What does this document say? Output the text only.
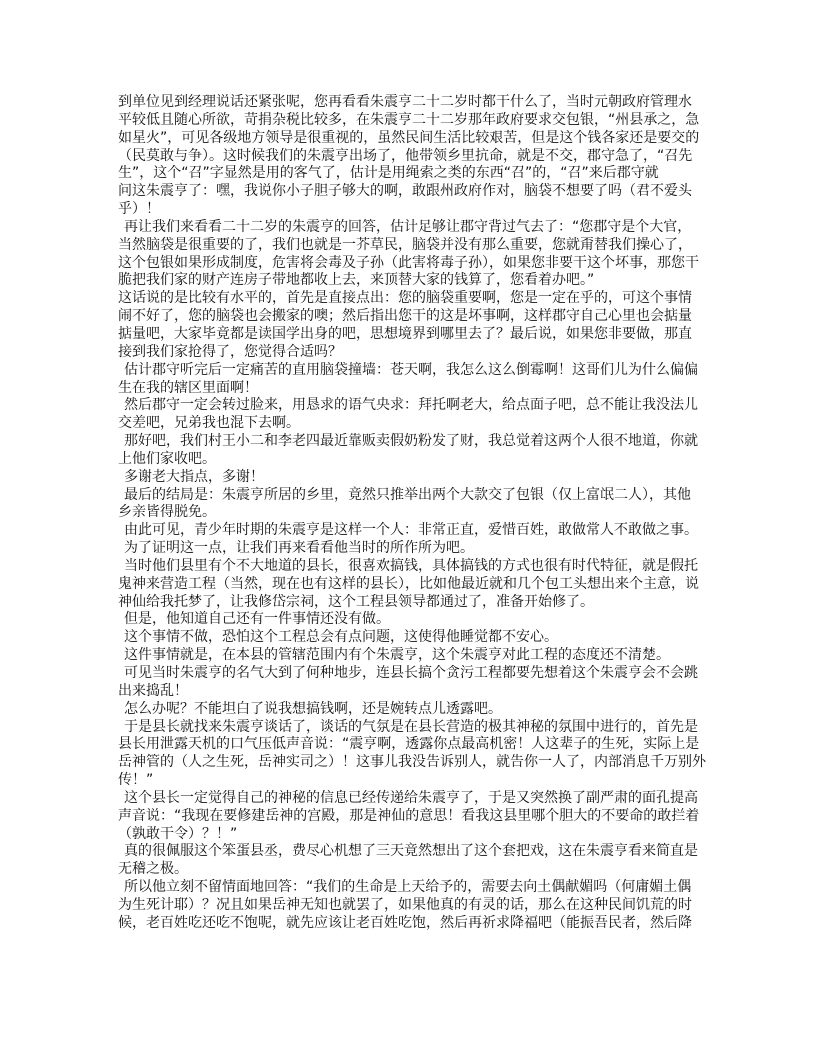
到单位见到经理说话还紧张呢，您再看看朱震亨二十二岁时都干什么了，当时元朝政府管理水
平较低且随心所欲，苛捐杂税比较多，在朱震亨二十二岁那年政府要求交包银，“州县承之，急
如星火”，可见各级地方领导是很重视的，虽然民间生活比较艰苦，但是这个钱各家还是要交的
（民莫敢与争）。这时候我们的朱震亨出场了，他带领乡里抗命，就是不交，郡守急了，“召先
生”，这个“召”字显然是用的客气了，估计是用绳索之类的东西“召”的，“召”来后郡守就
问这朱震亨了：嘿，我说你小子胆子够大的啊，敢跟州政府作对，脑袋不想要了吗（君不爱头
乎）！
再让我们来看看二十二岁的朱震亨的回答，估计足够让郡守背过气去了：“您郡守是个大官，
当然脑袋是很重要的了，我们也就是一芥草民，脑袋并没有那么重要，您就甭替我们操心了，
这个包银如果形成制度，危害将会毒及子孙（此害将毒子孙），如果您非要干这个坏事，那您干
脆把我们家的财产连房子带地都收上去，来顶替大家的钱算了，您看着办吧。”
这话说的是比较有水平的，首先是直接点出：您的脑袋重要啊，您是一定在乎的，可这个事情
闹不好了，您的脑袋也会搬家的噢；然后指出您干的这是坏事啊，这样郡守自己心里也会掂量
掂量吧，大家毕竟都是读国学出身的吧，思想境界到哪里去了？最后说，如果您非要做，那直
接到我们家抢得了，您觉得合适吗？
估计郡守听完后一定痛苦的直用脑袋撞墙：苍天啊，我怎么这么倒霉啊！这哥们儿为什么偏偏
生在我的辖区里面啊！
然后郡守一定会转过脸来，用恳求的语气央求：拜托啊老大，给点面子吧，总不能让我没法儿
交差吧，兄弟我也混下去啊。
那好吧，我们村王小二和李老四最近靠贩卖假奶粉发了财，我总觉着这两个人很不地道，你就
上他们家收吧。
多谢老大指点，多谢！
最后的结局是：朱震亨所居的乡里，竟然只推举出两个大款交了包银（仅上富氓二人），其他
乡亲皆得脱免。
由此可见，青少年时期的朱震亨是这样一个人：非常正直，爱惜百姓，敢做常人不敢做之事。
为了证明这一点，让我们再来看看他当时的所作所为吧。
当时他们县里有个不大地道的县长，很喜欢搞钱，具体搞钱的方式也很有时代特征，就是假托
鬼神来营造工程（当然，现在也有这样的县长），比如他最近就和几个包工头想出来个主意，说
神仙给我托梦了，让我修岱宗祠，这个工程县领导都通过了，准备开始修了。
但是，他知道自己还有一件事情还没有做。
这个事情不做，恐怕这个工程总会有点问题，这使得他睡觉都不安心。
这件事情就是，在本县的管辖范围内有个朱震亨，这个朱震亨对此工程的态度还不清楚。
可见当时朱震亨的名气大到了何种地步，连县长搞个贪污工程都要先想着这个朱震亨会不会跳
出来捣乱！
怎么办呢？不能坦白了说我想搞钱啊，还是婉转点儿透露吧。
于是县长就找来朱震亨谈话了，谈话的气氛是在县长营造的极其神秘的氛围中进行的，首先是
县长用泄露天机的口气压低声音说：“震亨啊，透露你点最高机密！人这辈子的生死，实际上是
岳神管的（人之生死，岳神实司之）！这事儿我没告诉别人，就告你一人了，内部消息千万别外
传！”
这个县长一定觉得自己的神秘的信息已经传递给朱震亨了，于是又突然换了副严肃的面孔提高
声音说：“我现在要修建岳神的宫殿，那是神仙的意思！看我这县里哪个胆大的不要命的敢拦着
（孰敢干令）？！”
真的很佩服这个笨蛋县丞，费尽心机想了三天竟然想出了这个套把戏，这在朱震亨看来简直是
无稽之极。
所以他立刻不留情面地回答：“我们的生命是上天给予的，需要去向土偶献媚吗（何庸媚土偶
为生死计耶）？况且如果岳神无知也就罢了，如果他真的有灵的话，那么在这种民间饥荒的时
候，老百姓吃还吃不饱呢，就先应该让老百姓吃饱，然后再祈求降福吧（能振吾民者，然后降
